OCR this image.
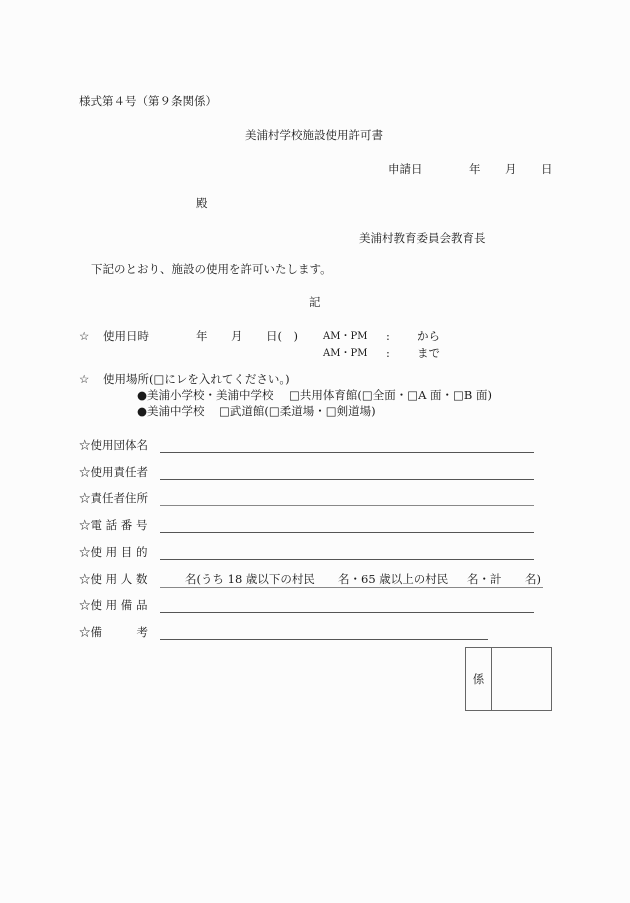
様式第４号（第９条関係）
美浦村学校施設使用許可書
申請日	年 月 日
殿
美浦村教育委員会教育長
下記のとおり、施設の使用を許可いたします。
記
☆ 使用日時	年 月 日(　)	AM・PM : から
AM・PM : まで
☆ 使用場所(□にレを入れてください。)
●美浦小学校・美浦中学校 □共用体育館(□全面・□A 面・□B 面)
●美浦中学校 □武道館(□柔道場・□剣道場)
☆使用団体名
☆使用責任者
☆責任者住所
☆電 話 番 号
☆使 用 目 的
☆使 用 人 数	名(うち 18 歳以下の村民 名・65 歳以上の村民 名・計 名)
☆使 用 備 品
☆備　　　考
係
